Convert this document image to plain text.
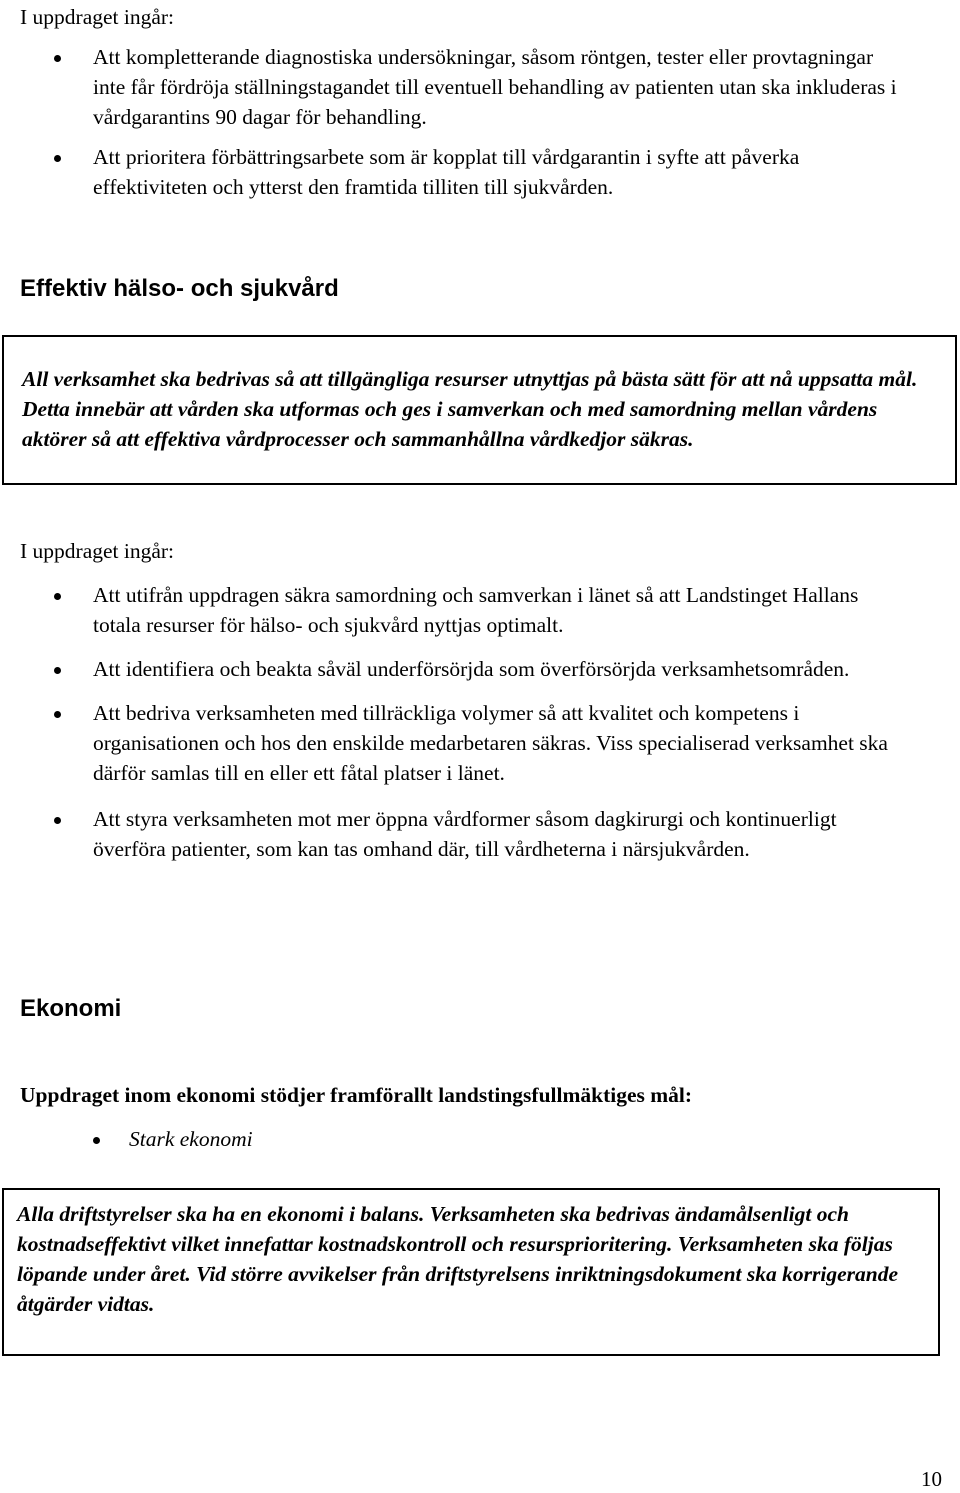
I uppdraget ingår:

Att kompletterande diagnostiska undersökningar, såsom röntgen, tester eller provtagningar inte får fördröja ställningstagandet till eventuell behandling av patienten utan ska inkluderas i vårdgarantins 90 dagar för behandling.
Att prioritera förbättringsarbete som är kopplat till vårdgarantin i syfte att påverka effektiviteten och ytterst den framtida tilliten till sjukvården.
Effektiv hälso- och sjukvård

All verksamhet ska bedrivas så att tillgängliga resurser utnyttjas på bästa sätt för att nå uppsatta mål. Detta innebär att vården ska utformas och ges i samverkan och med samordning mellan vårdens aktörer så att effektiva vårdprocesser och sammanhållna vårdkedjor säkras.

I uppdraget ingår:

Att utifrån uppdragen säkra samordning och samverkan i länet så att Landstinget Hallans totala resurser för hälso- och sjukvård nyttjas optimalt.
Att identifiera och beakta såväl underförsörjda som överförsörjda verksamhetsområden.
Att bedriva verksamheten med tillräckliga volymer så att kvalitet och kompetens i organisationen och hos den enskilde medarbetaren säkras. Viss specialiserad verksamhet ska därför samlas till en eller ett fåtal platser i länet.
Att styra verksamheten mot mer öppna vårdformer såsom dagkirurgi och kontinuerligt överföra patienter, som kan tas omhand där, till vårdheterna i närsjukvården.
Ekonomi

Uppdraget inom ekonomi stödjer framförallt landstingsfullmäktiges mål:

Stark ekonomi

Alla driftstyrelser ska ha en ekonomi i balans. Verksamheten ska bedrivas ändamålsenligt och kostnadseffektivt vilket innefattar kostnadskontroll och resursprioritering. Verksamheten ska följas löpande under året. Vid större avvikelser från driftstyrelsens inriktningsdokument ska korrigerande åtgärder vidtas.

10
